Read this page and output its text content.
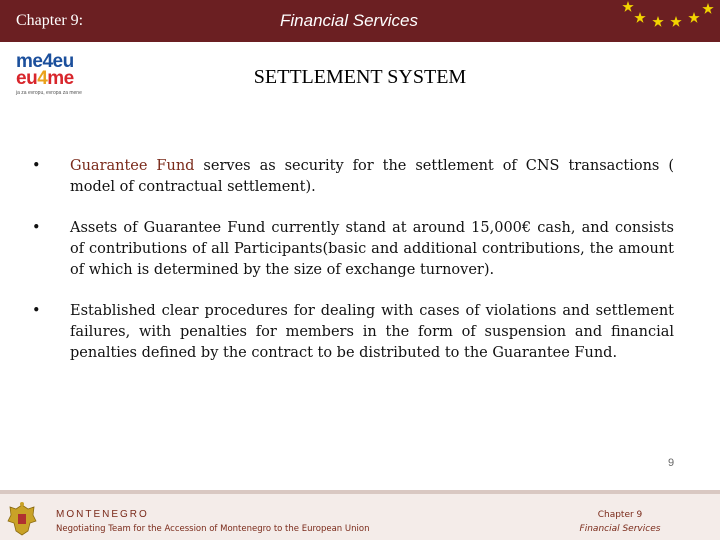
Chapter 9:	Financial Services
me4eu
eu4me
ja za evropu, evropa za mene
SETTLEMENT SYSTEM
• Guarantee Fund serves as security for the settlement of CNS transactions ( model of contractual settlement).
• Assets of Guarantee Fund currently stand at around 15,000€ cash, and consists of contributions of all Participants(basic and additional contributions, the amount of which is determined by the size of exchange turnover).
• Established clear procedures for dealing with cases of violations and settlement failures, with penalties for members in the form of suspension and financial penalties defined by the contract to be distributed to the Guarantee Fund.
9
MONTENEGRO
Negotiating Team for the Accession of Montenegro to the European Union
Chapter 9
Financial Services
